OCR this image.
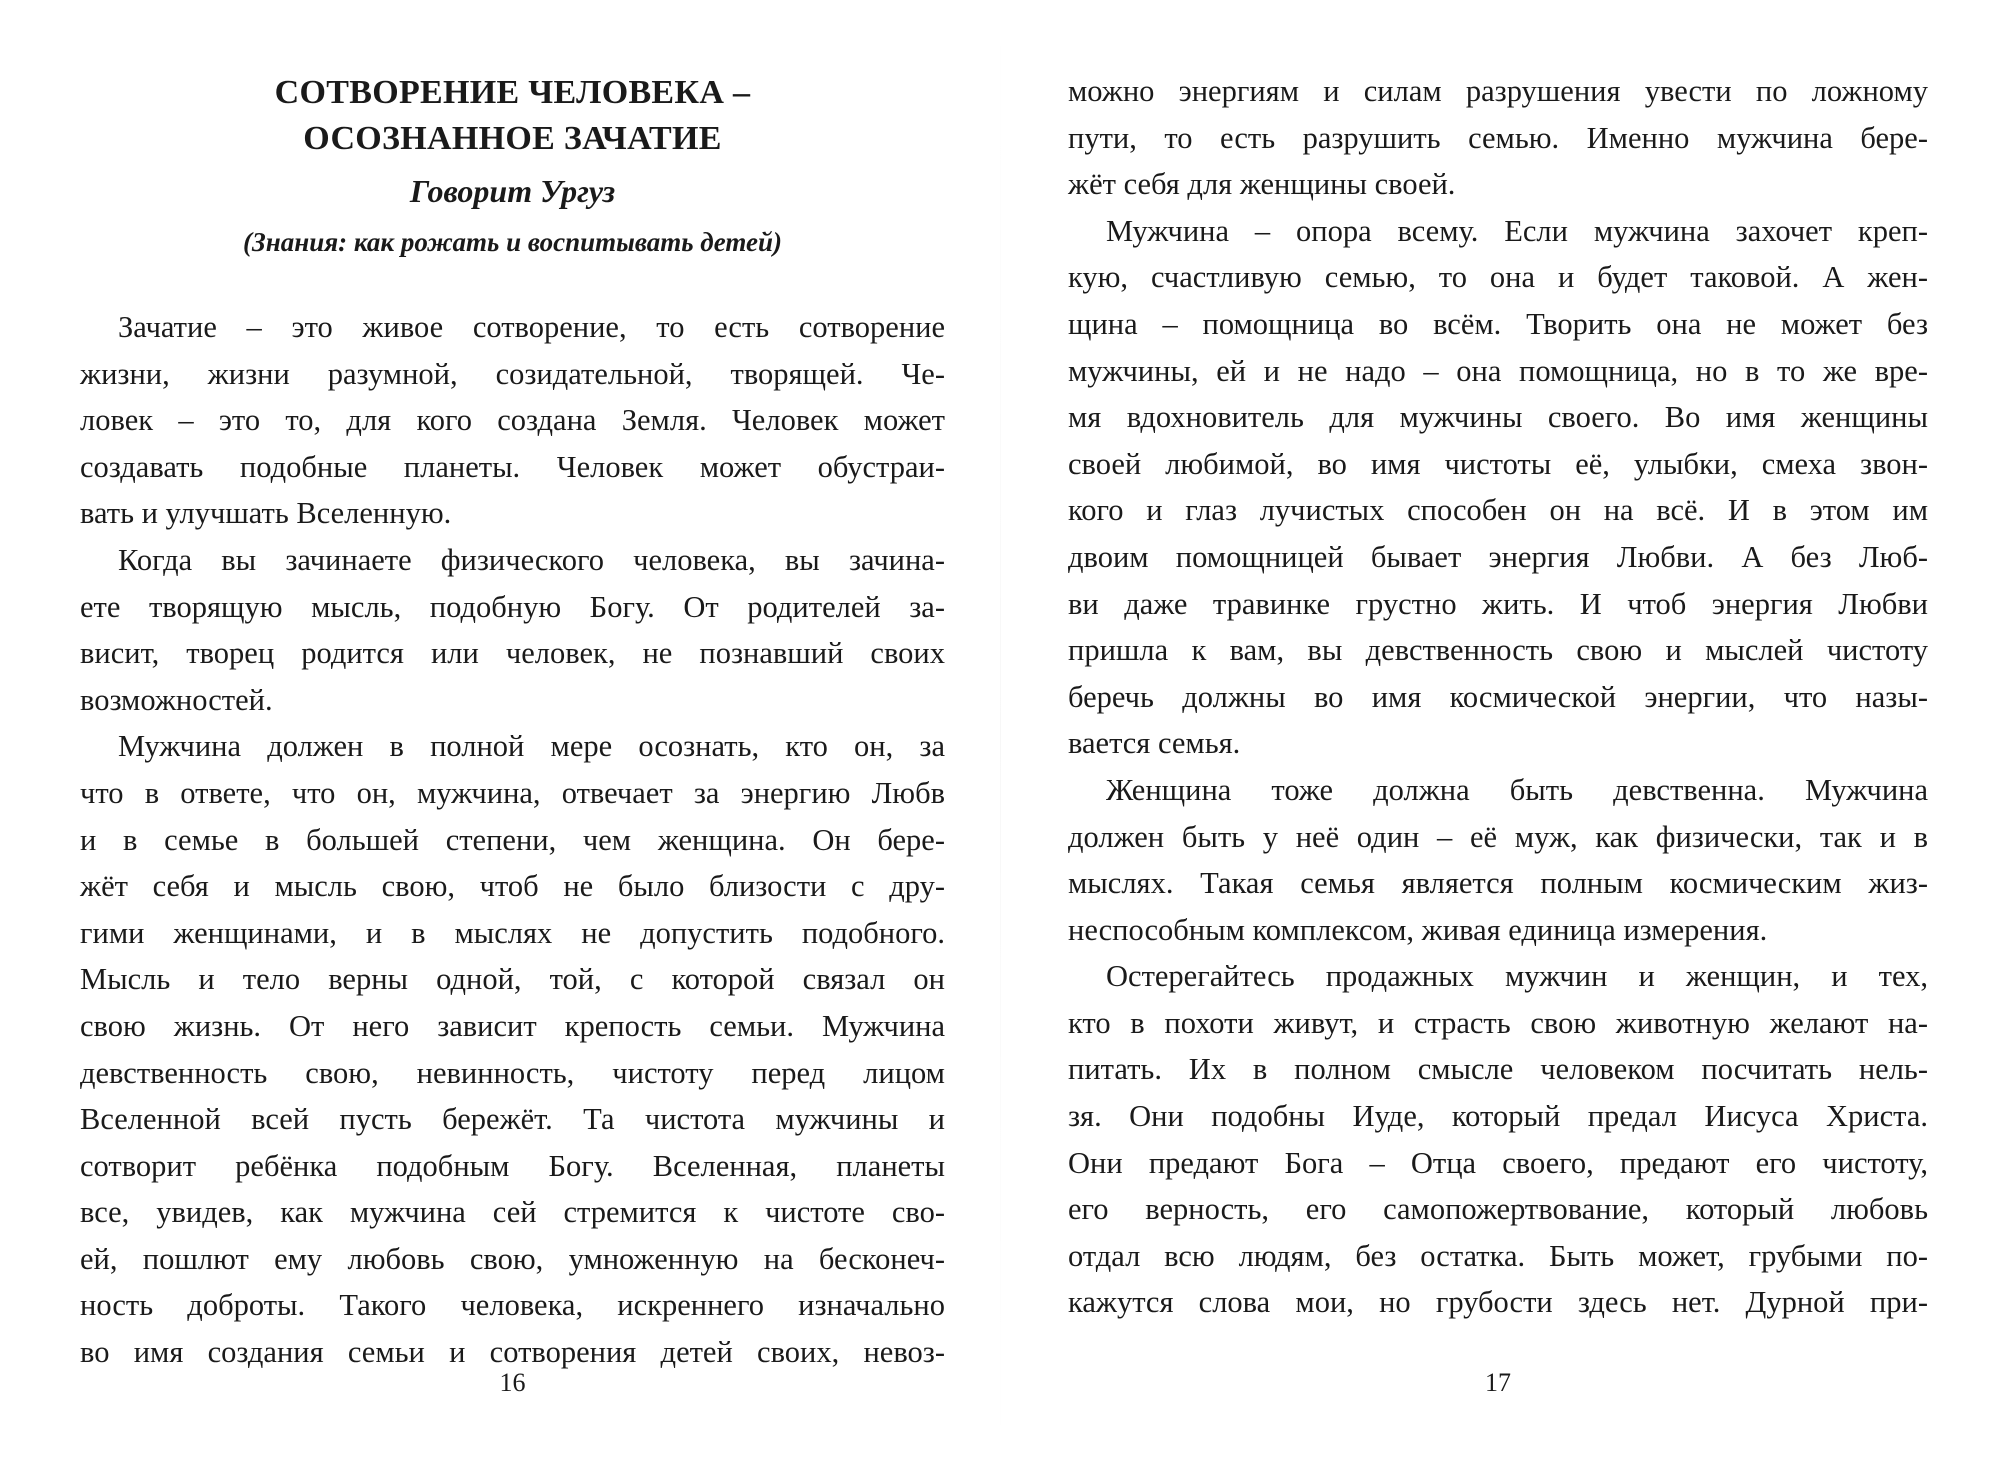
СОТВОРЕНИЕ ЧЕЛОВЕКА –
ОСОЗНАННОЕ ЗАЧАТИЕ
Говорит Ургуз
(Знания: как рожать и воспитывать детей)
Зачатие – это живое сотворение, то есть сотворение
жизни, жизни разумной, созидательной, творящей. Че-
ловек – это то, для кого создана Земля. Человек может
создавать подобные планеты. Человек может обустраи-
вать и улучшать Вселенную.
Когда вы зачинаете физического человека, вы зачина-
ете творящую мысль, подобную Богу. От родителей за-
висит, творец родится или человек, не познавший своих
возможностей.
Мужчина должен в полной мере осознать, кто он, за
что в ответе, что он, мужчина, отвечает за энергию Любв
и в семье в большей степени, чем женщина. Он бере-
жёт себя и мысль свою, чтоб не было близости с дру-
гими женщинами, и в мыслях не допустить подобного.
Мысль и тело верны одной, той, с которой связал он
свою жизнь. От него зависит крепость семьи. Мужчина
девственность свою, невинность, чистоту перед лицом
Вселенной всей пусть бережёт. Та чистота мужчины и
сотворит ребёнка подобным Богу. Вселенная, планеты
все, увидев, как мужчина сей стремится к чистоте сво-
ей, пошлют ему любовь свою, умноженную на бесконеч-
ность доброты. Такого человека, искреннего изначально
во имя создания семьи и сотворения детей своих, невоз-
16
можно энергиям и силам разрушения увести по ложному
пути, то есть разрушить семью. Именно мужчина бере-
жёт себя для женщины своей.
Мужчина – опора всему. Если мужчина захочет креп-
кую, счастливую семью, то она и будет таковой. А жен-
щина – помощница во всём. Творить она не может без
мужчины, ей и не надо – она помощница, но в то же вре-
мя вдохновитель для мужчины своего. Во имя женщины
своей любимой, во имя чистоты её, улыбки, смеха звон-
кого и глаз лучистых способен он на всё. И в этом им
двоим помощницей бывает энергия Любви. А без Люб-
ви даже травинке грустно жить. И чтоб энергия Любви
пришла к вам, вы девственность свою и мыслей чистоту
беречь должны во имя космической энергии, что назы-
вается семья.
Женщина тоже должна быть девственна. Мужчина
должен быть у неё один – её муж, как физически, так и в
мыслях. Такая семья является полным космическим жиз-
неспособным комплексом, живая единица измерения.
Остерегайтесь продажных мужчин и женщин, и тех,
кто в похоти живут, и страсть свою животную желают на-
питать. Их в полном смысле человеком посчитать нель-
зя. Они подобны Иуде, который предал Иисуса Христа.
Они предают Бога – Отца своего, предают его чистоту,
его верность, его самопожертвование, который любовь
отдал всю людям, без остатка. Быть может, грубыми по-
кажутся слова мои, но грубости здесь нет. Дурной при-
17
